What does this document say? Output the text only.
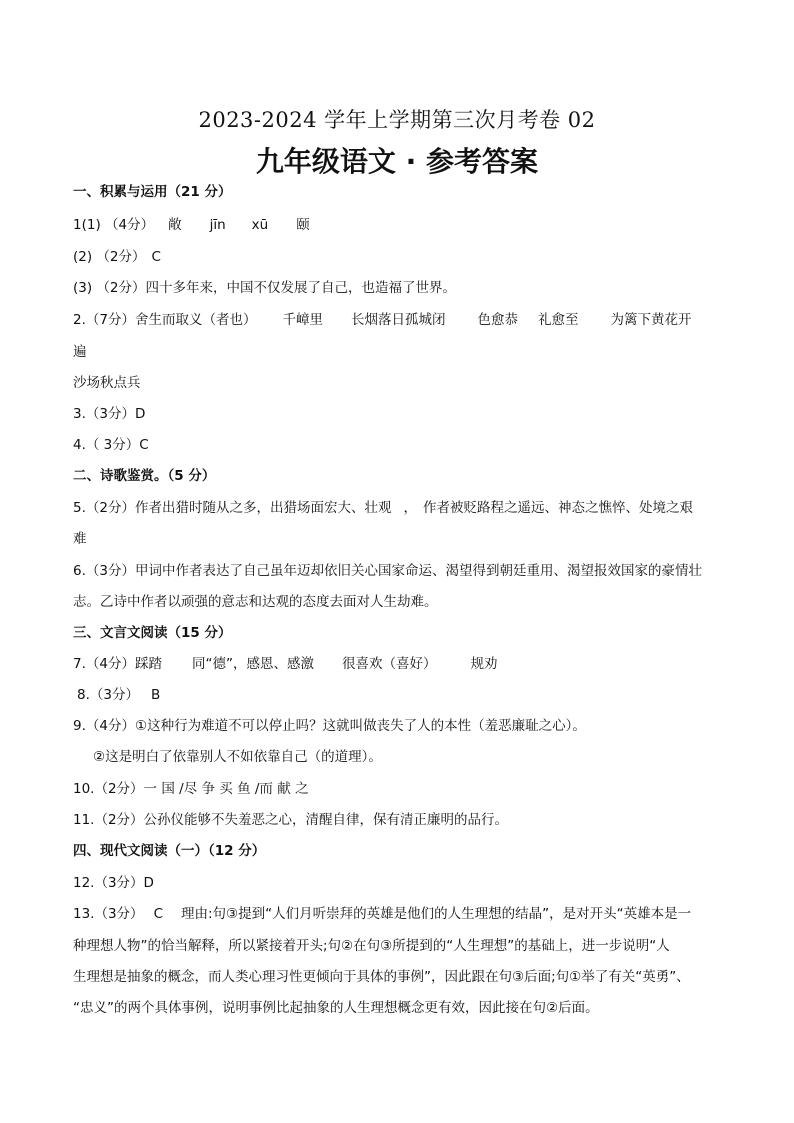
2023-2024 学年上学期第三次月考卷 02
九年级语文 · 参考答案
一、积累与运用（21 分）
1(1) （4分） 敞 jīn xū 颐
(2) （2分） C
(3) （2分）四十多年来，中国不仅发展了自己，也造福了世界。
2.（7分）舍生而取义（者也） 千嶂里 长烟落日孤城闭 色愈恭 礼愈至 为篱下黄花开
遍
沙场秋点兵
3.（3分）D
4.（ 3分）C
二、诗歌鉴赏。（5 分）
5.（2分）作者出猎时随从之多，出猎场面宏大、壮观 ， 作者被贬路程之遥远、神态之憔悴、处境之艰
难
6.（3分）甲词中作者表达了自己虽年迈却依旧关心国家命运、渴望得到朝廷重用、渴望报效国家的豪情壮
志。乙诗中作者以顽强的意志和达观的态度去面对人生劫难。
三、文言文阅读（15 分）
7.（4分）踩踏 同“德”，感恩、感激 很喜欢（喜好）	规劝
8.（3分） B
9.（4分）①这种行为难道不可以停止吗？这就叫做丧失了人的本性（羞恶廉耻之心）。
②这是明白了依靠别人不如依靠自己（的道理）。
10.（2分）一 国 /尽 争 买 鱼 /而 献 之
11.（2分）公孙仪能够不失羞恶之心，清醒自律，保有清正廉明的品行。
四、现代文阅读（一）（12 分）
12.（3分）D
13.（3分） C 理由:句③提到“人们月听崇拜的英雄是他们的人生理想的结晶”，是对开头“英雄本是一
种理想人物”的恰当解释，所以紧接着开头;句②在句③所提到的“人生理想”的基础上，进一步说明“人
生理想是抽象的概念，而人类心理习性更倾向于具体的事例”，因此跟在句③后面;句①举了有关“英勇”、
“忠义”的两个具体事例，说明事例比起抽象的人生理想概念更有效，因此接在句②后面。
